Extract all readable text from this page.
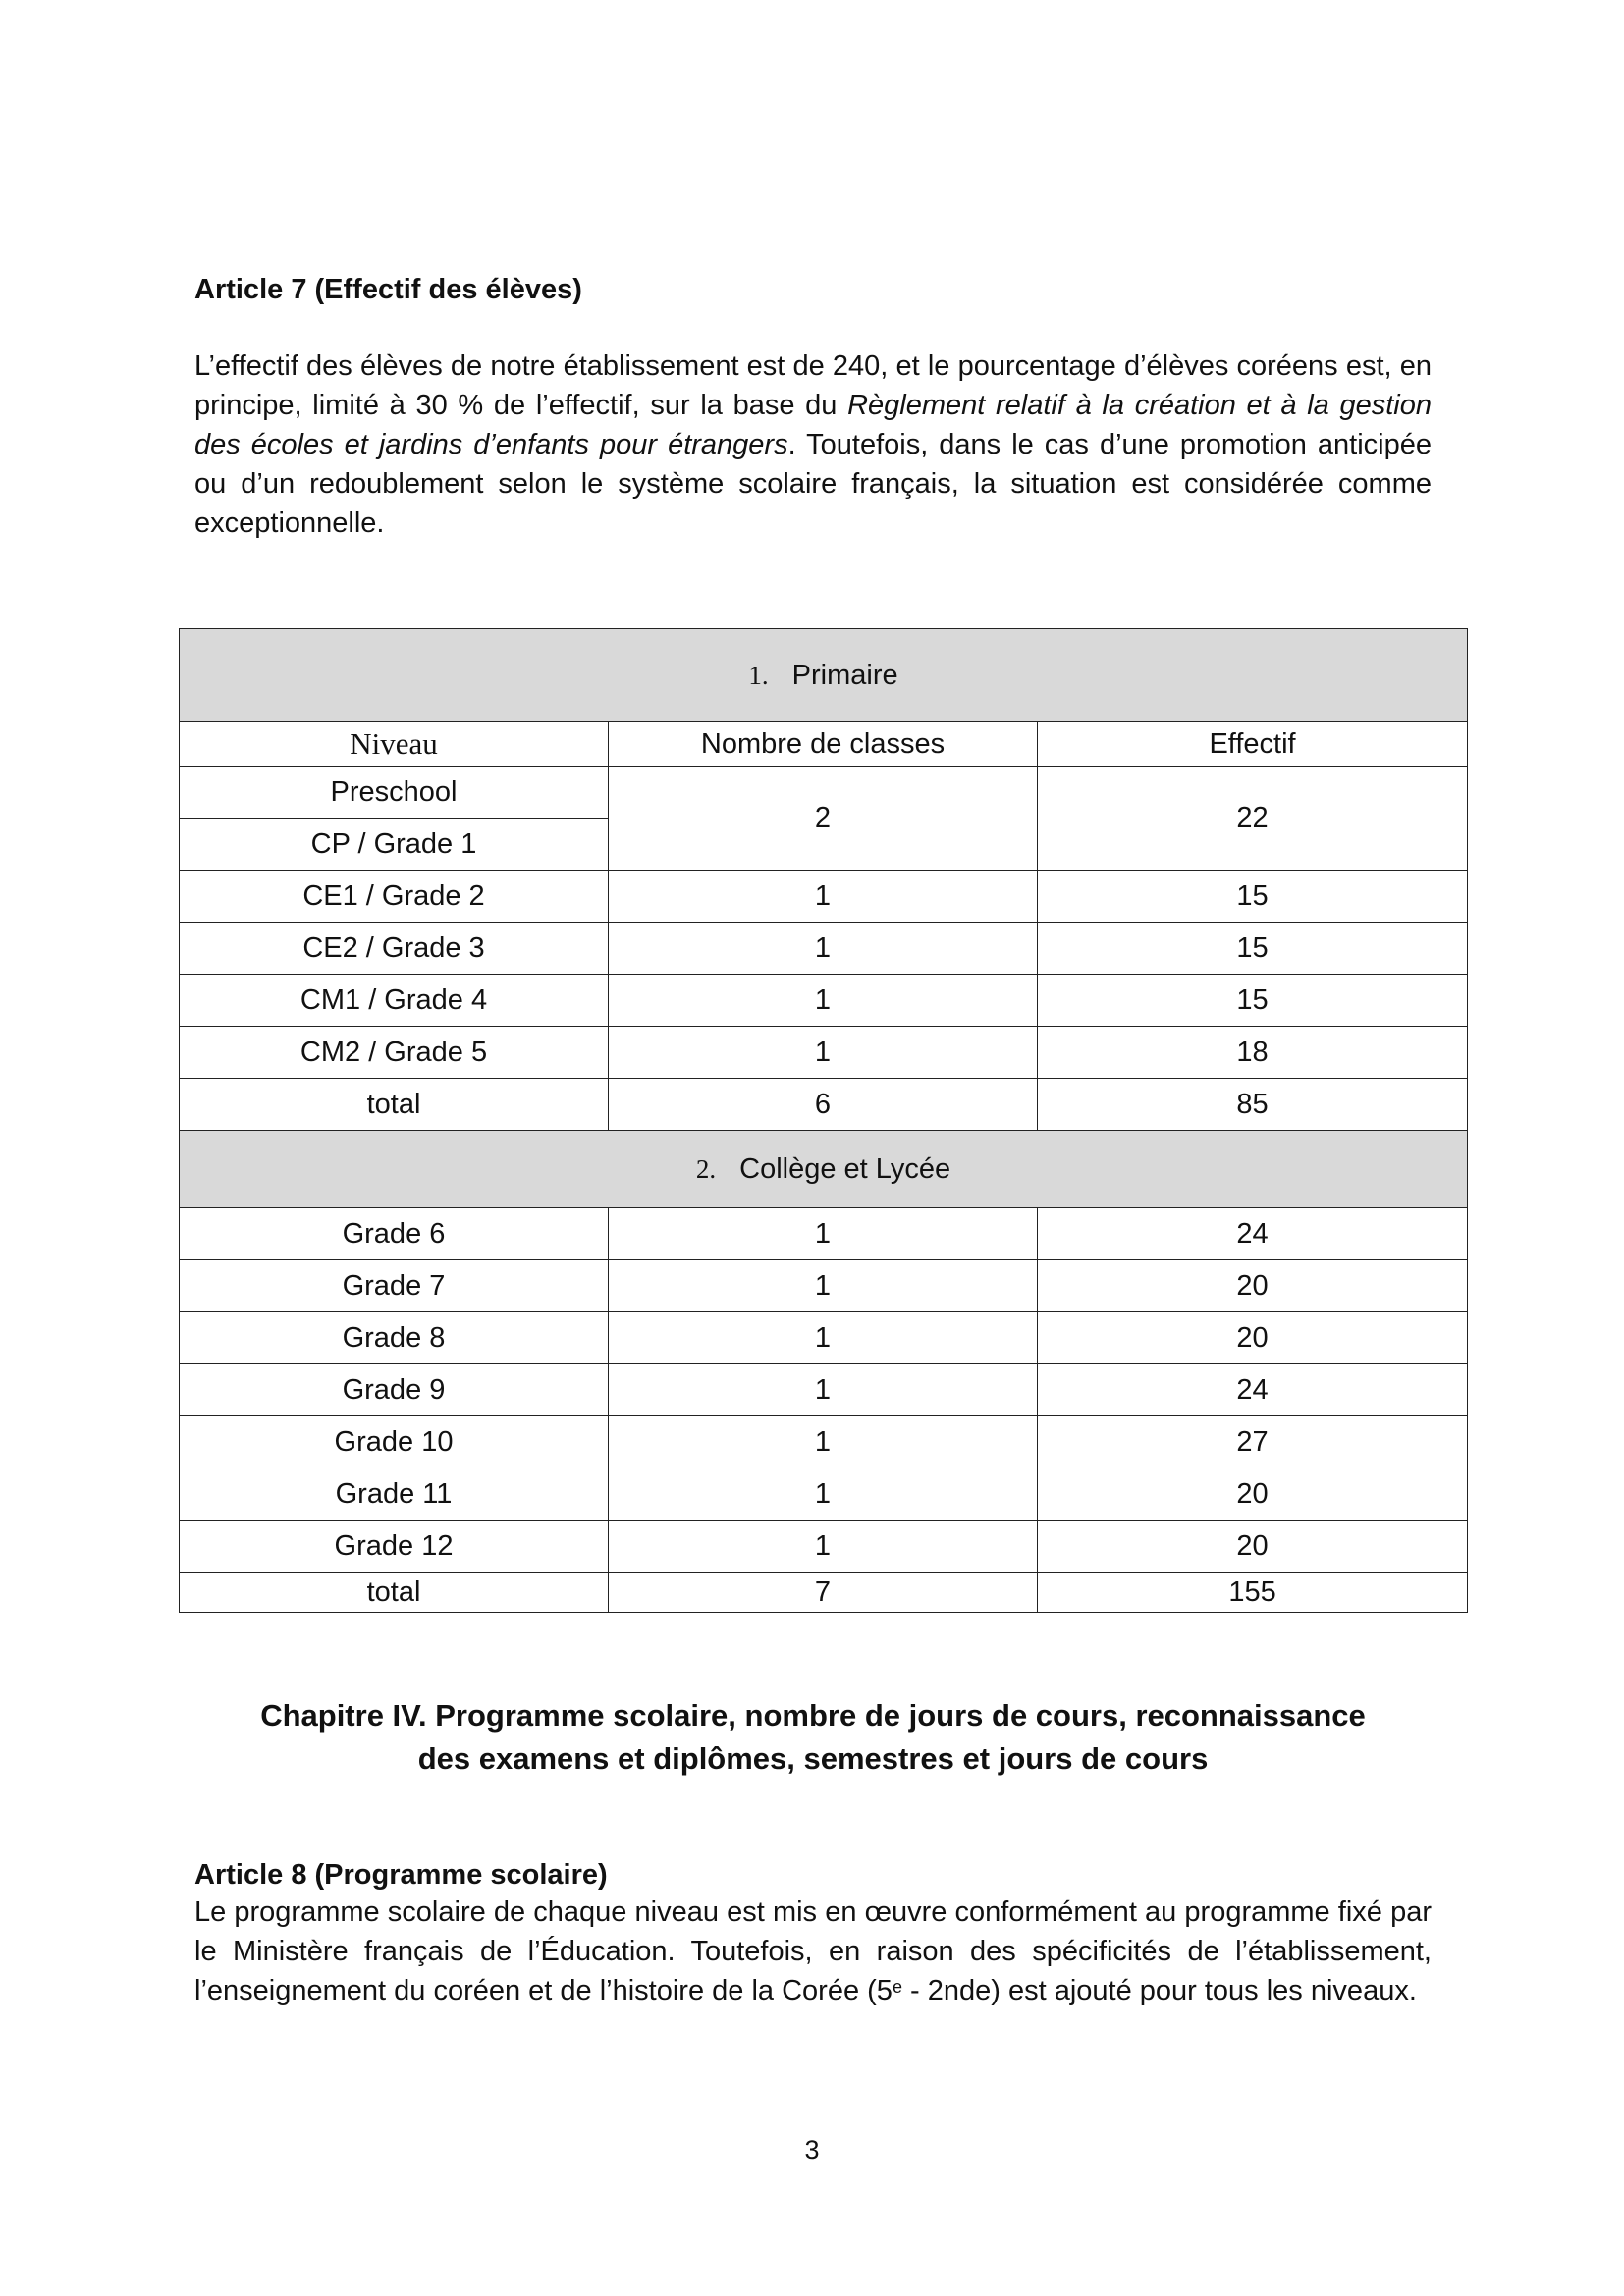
Article 7 (Effectif des élèves)

L’effectif des élèves de notre établissement est de 240, et le pourcentage d’élèves coréens est, en principe, limité à 30 % de l’effectif, sur la base du Règlement relatif à la création et à la gestion des écoles et jardins d’enfants pour étrangers. Toutefois, dans le cas d’une promotion anticipée ou d’un redoublement selon le système scolaire français, la situation est considérée comme exceptionnelle.

1. Primaire		
Niveau	Nombre de classes	Effectif
Preschool	2	22
CP / Grade 1		
CE1 / Grade 2	1	15
CE2 / Grade 3	1	15
CM1 / Grade 4	1	15
CM2 / Grade 5	1	18
total	6	85
2. Collège et Lycée		
Grade 6	1	24
Grade 7	1	20
Grade 8	1	20
Grade 9	1	24
Grade 10	1	27
Grade 11	1	20
Grade 12	1	20
total	7	155
Chapitre IV. Programme scolaire, nombre de jours de cours, reconnaissance
des examens et diplômes, semestres et jours de cours

Article 8 (Programme scolaire)

Le programme scolaire de chaque niveau est mis en œuvre conformément au programme fixé par le Ministère français de l’Éducation. Toutefois, en raison des spécificités de l’établissement, l’enseignement du coréen et de l’histoire de la Corée (5e - 2nde) est ajouté pour tous les niveaux.

3
